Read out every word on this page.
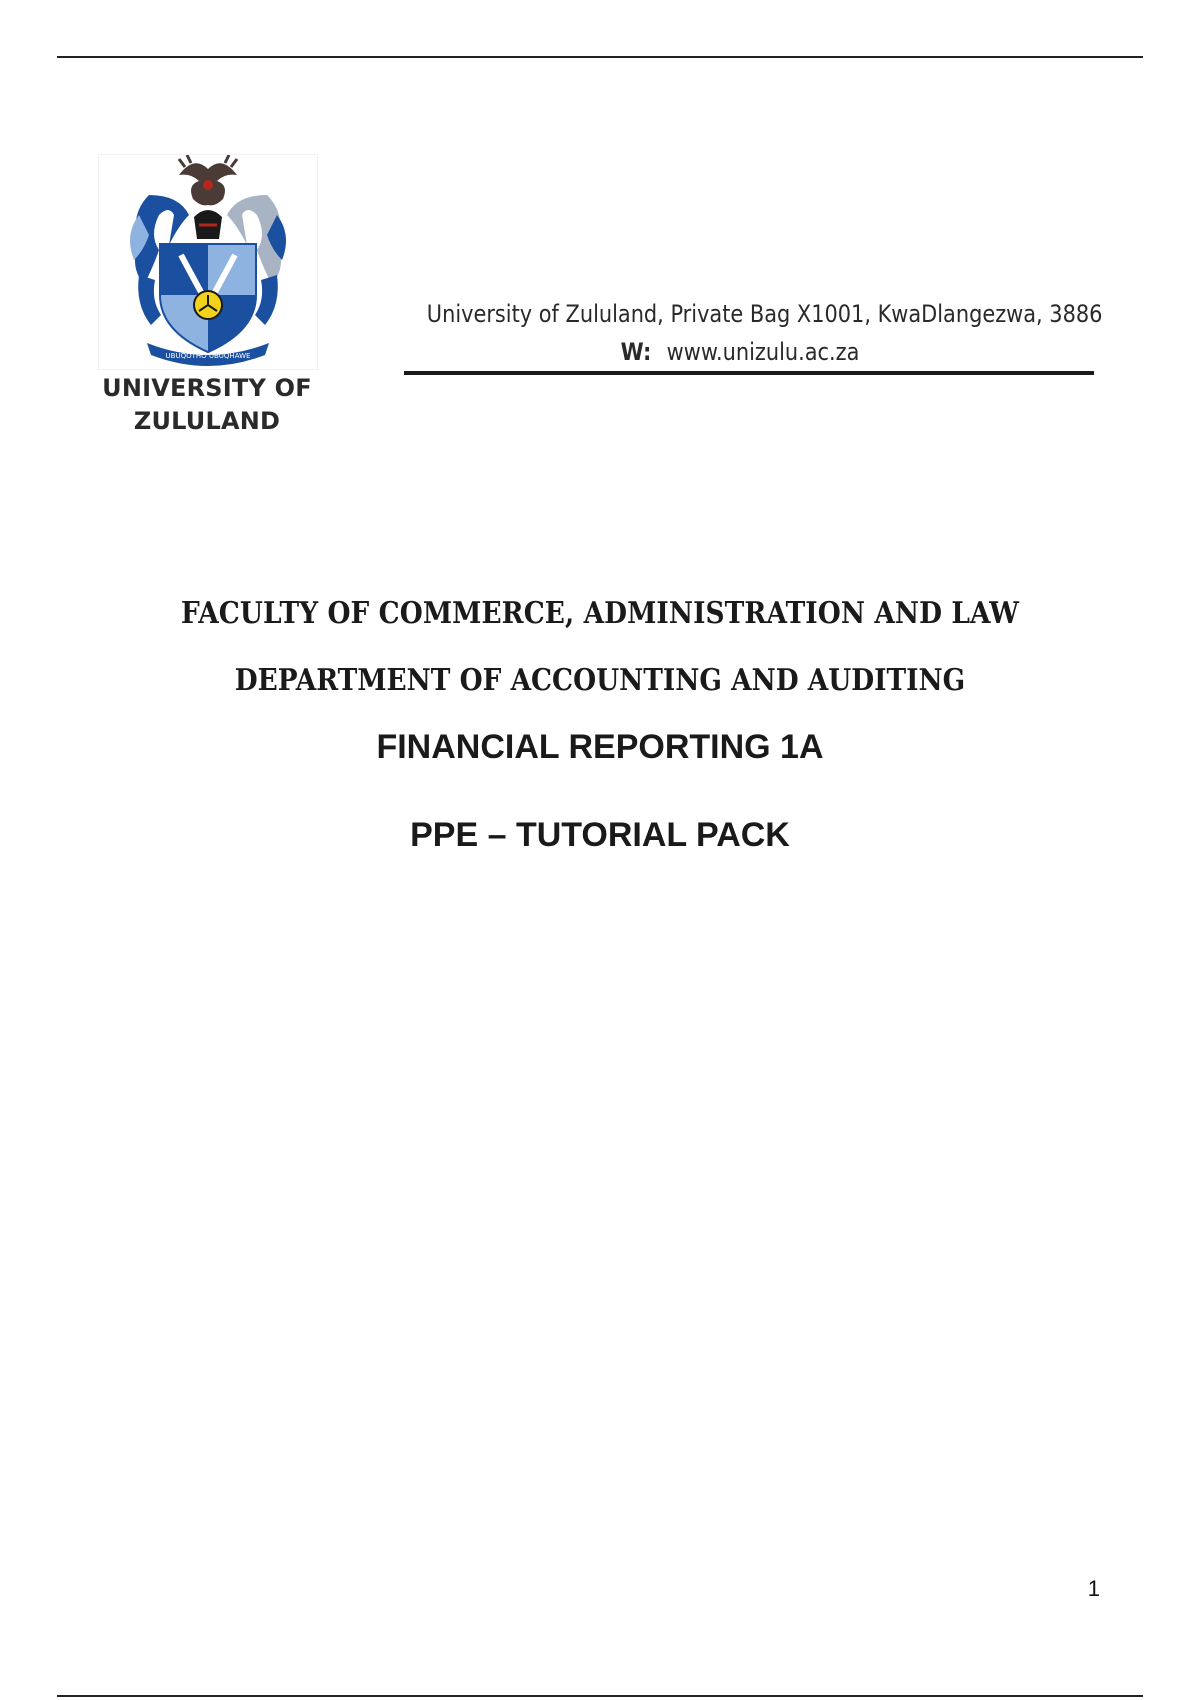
UBUQOTHO UBUQHAWE
UNIVERSITY OF
ZULULAND
University of Zululand, Private Bag X1001, KwaDlangezwa, 3886
W: www.unizulu.ac.za
FACULTY OF COMMERCE, ADMINISTRATION AND LAW
DEPARTMENT OF ACCOUNTING AND AUDITING
FINANCIAL REPORTING 1A
PPE – TUTORIAL PACK
1
